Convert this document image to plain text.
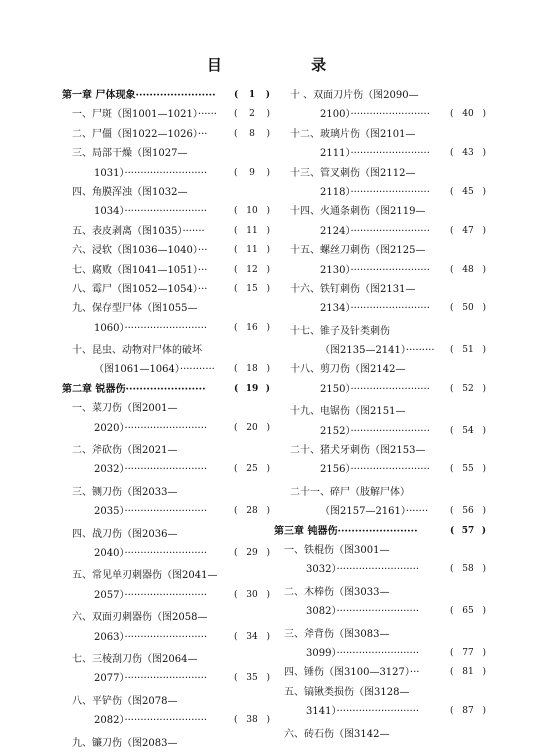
目 录
第一章 尸体现象······················· (	1	)
一、尸斑（图1001—1021）······ (	2	)
二、尸僵（图1022—1026）···	(	8	)
三、局部干燥（图1027—
1031）··························	(	9	)
四、角膜浑浊（图1032—
1034）··························	( 10 )
五、表皮剥离（图1035）·······	( 11 )
六、浸软（图1036—1040）···	( 11 )
七、腐败（图1041—1051）···	( 12 )
八、霉尸（图1052—1054）···	( 15 )
九、保存型尸体（图1055—
1060）··························	( 16 )
十、昆虫、动物对尸体的破坏
（图1061—1064）··········· ( 18 )
第二章 锐器伤·······················	( 19 )
一、菜刀伤（图2001—
2020）··························	( 20 )
二、斧砍伤（图2021—
2032）··························	( 25 )
三、铡刀伤（图2033—
2035）··························	( 28 )
四、战刀伤（图2036—
2040）··························	( 29 )
五、常见单刃刺器伤（图2041—
2057）··························	( 30 )
六、双面刃刺器伤（图2058—
2063）··························	( 34 )
七、三棱刮刀伤（图2064—
2077）··························	( 35 )
八、平铲伤（图2078—
2082）··························	( 38 )
九、镰刀伤（图2083—
十 、双面刀片伤（图2090—
2100）························· ( 40 )
十二、玻璃片伤（图2101—
2111）························· ( 43 )
十三、管叉刺伤（图2112—
2118）························· ( 45 )
十四、火通条刺伤（图2119—
2124）························· ( 47 )
十五、螺丝刀刺伤（图2125—
2130）························· ( 48 )
十六、铁钉刺伤（图2131—
2134）························· ( 50 )
十七、锥子及针类刺伤
（图2135—2141）········· ( 51 )
十八、剪刀伤（图2142—
2150）························· ( 52 )
十九、电锯伤（图2151—
2152）························· ( 54 )
二十、猪犬牙刺伤（图2153—
2156）························· ( 55 )
二十一、碎尸（肢解尸体）
（图2157—2161）······· ( 56 )
第三章 钝器伤·······················	( 57 )
一、铁棍伤（图3001—
3032）··························	( 58 )
二、木棒伤（图3033—
3082）··························	( 65 )
三、斧背伤（图3083—
3099）··························	( 77 )
四、锤伤（图3100—3127）···	( 81 )
五、镐锹类损伤（图3128—
3141）··························	( 87 )
六、砖石伤（图3142—
